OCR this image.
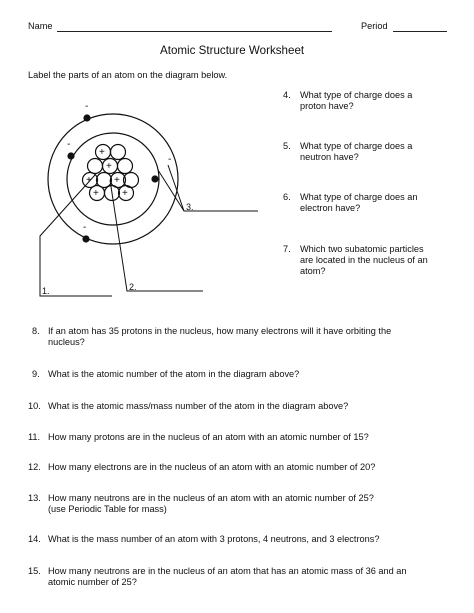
Name	Period
Atomic Structure Worksheet
Label the parts of an atom on the diagram below.
-
-
-
-
+
+
+ +
+ +
1.	2.
3.
4. What type of charge does a
proton have?
5. What type of charge does a
neutron have?
6. What type of charge does an
electron have?
7. Which two subatomic particles
are located in the nucleus of an
atom?
8. If an atom has 35 protons in the nucleus, how many electrons will it have orbiting the
nucleus?
9. What is the atomic number of the atom in the diagram above?
10. What is the atomic mass/mass number of the atom in the diagram above?
11. How many protons are in the nucleus of an atom with an atomic number of 15?
12. How many electrons are in the nucleus of an atom with an atomic number of 20?
13. How many neutrons are in the nucleus of an atom with an atomic number of 25?
(use Periodic Table for mass)
14. What is the mass number of an atom with 3 protons, 4 neutrons, and 3 electrons?
15. How many neutrons are in the nucleus of an atom that has an atomic mass of 36 and an
atomic number of 25?
